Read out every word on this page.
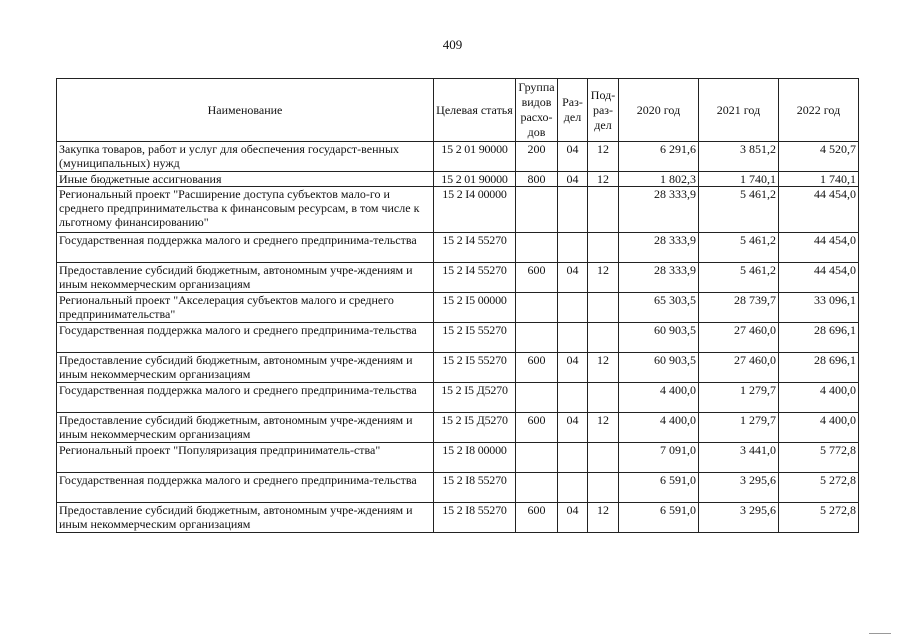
409
Наименование	Целевая статья	Группа видов расхо-дов	Раз-дел	Под-раз-дел	2020 год	2021 год	2022 год
Закупка товаров, работ и услуг для обеспечения государст-венных (муниципальных) нужд	15 2 01 90000	200	04	12	6 291,6	3 851,2	4 520,7
Иные бюджетные ассигнования	15 2 01 90000	800	04	12	1 802,3	1 740,1	1 740,1
Региональный проект "Расширение доступа субъектов мало-го и среднего предпринимательства к финансовым ресурсам, в том числе к льготному финансированию"	15 2 I4 00000				28 333,9	5 461,2	44 454,0
Государственная поддержка малого и среднего предпринима-тельства	15 2 I4 55270				28 333,9	5 461,2	44 454,0
Предоставление субсидий бюджетным, автономным учре-ждениям и иным некоммерческим организациям	15 2 I4 55270	600	04	12	28 333,9	5 461,2	44 454,0
Региональный проект "Акселерация субъектов малого и среднего предпринимательства"	15 2 I5 00000				65 303,5	28 739,7	33 096,1
Государственная поддержка малого и среднего предпринима-тельства	15 2 I5 55270				60 903,5	27 460,0	28 696,1
Предоставление субсидий бюджетным, автономным учре-ждениям и иным некоммерческим организациям	15 2 I5 55270	600	04	12	60 903,5	27 460,0	28 696,1
Государственная поддержка малого и среднего предпринима-тельства	15 2 I5 Д5270				4 400,0	1 279,7	4 400,0
Предоставление субсидий бюджетным, автономным учре-ждениям и иным некоммерческим организациям	15 2 I5 Д5270	600	04	12	4 400,0	1 279,7	4 400,0
Региональный проект "Популяризация предприниматель-ства"	15 2 I8 00000				7 091,0	3 441,0	5 772,8
Государственная поддержка малого и среднего предпринима-тельства	15 2 I8 55270				6 591,0	3 295,6	5 272,8
Предоставление субсидий бюджетным, автономным учре-ждениям и иным некоммерческим организациям	15 2 I8 55270	600	04	12	6 591,0	3 295,6	5 272,8
